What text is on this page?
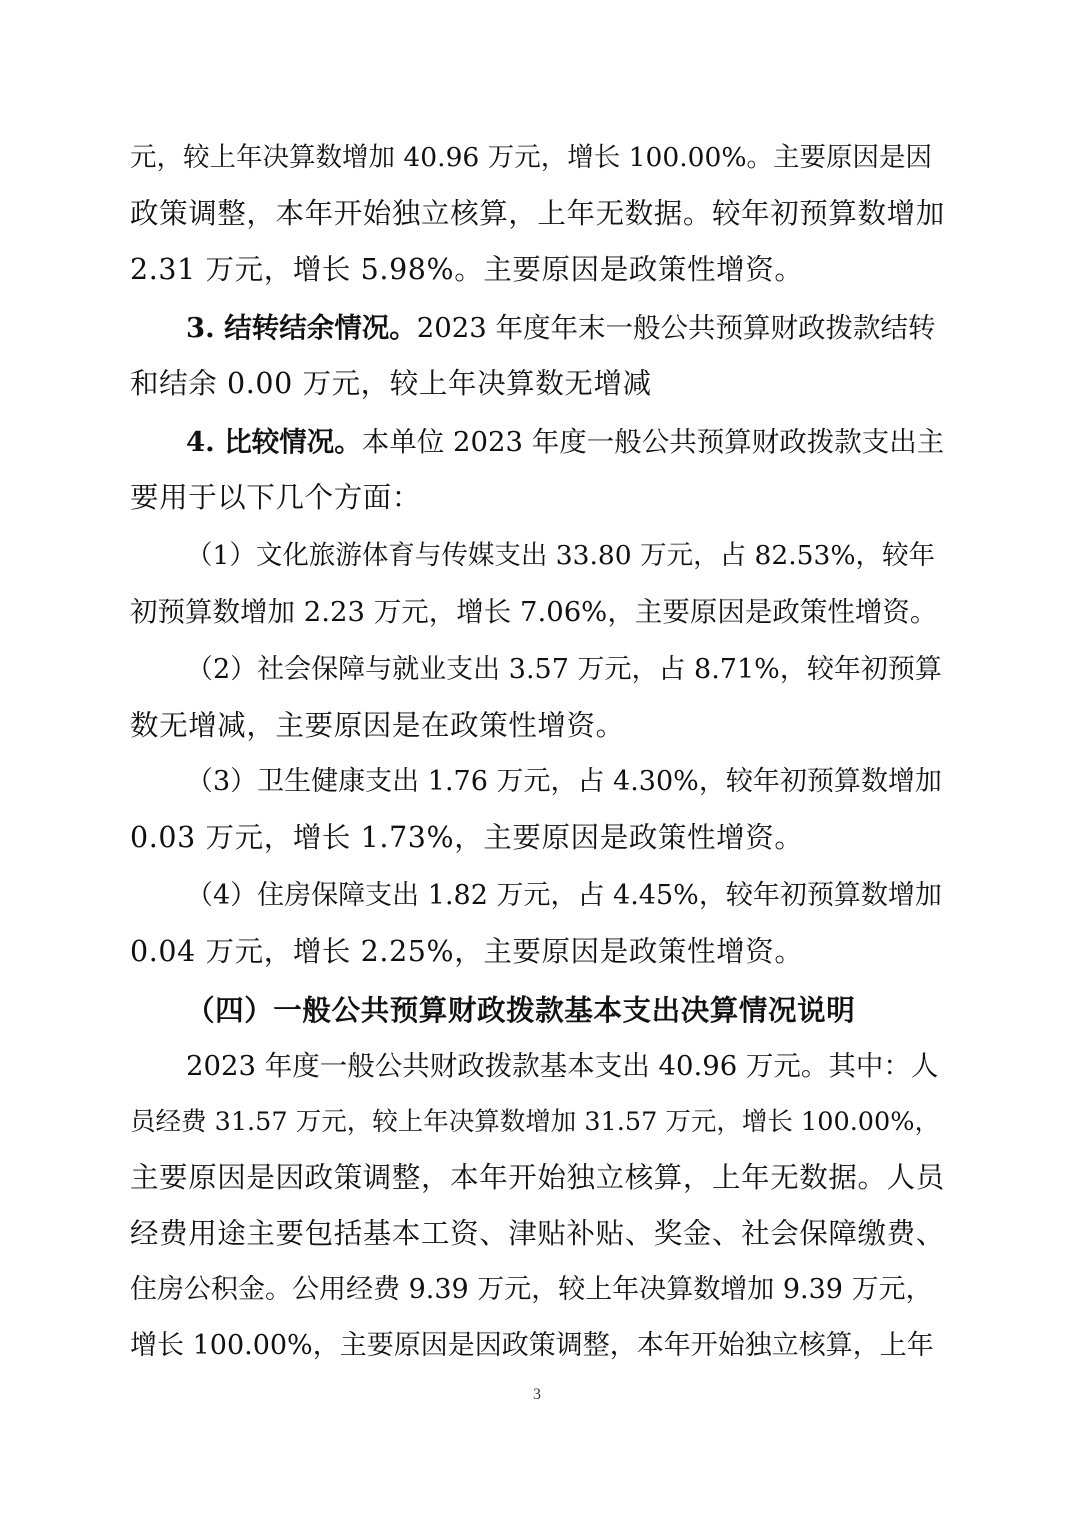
元，较上年决算数增加 40.96 万元，增长 100.00%。主要原因是因
政策调整，本年开始独立核算，上年无数据。较年初预算数增加
2.31 万元，增长 5.98%。主要原因是政策性增资。
3. 结转结余情况。2023 年度年末一般公共预算财政拨款结转
和结余 0.00 万元，较上年决算数无增减
4. 比较情况。本单位 2023 年度一般公共预算财政拨款支出主
要用于以下几个方面：
（1）文化旅游体育与传媒支出 33.80 万元，占 82.53%，较年
初预算数增加 2.23 万元，增长 7.06%，主要原因是政策性增资。
（2）社会保障与就业支出 3.57 万元，占 8.71%，较年初预算
数无增减，主要原因是在政策性增资。
（3）卫生健康支出 1.76 万元，占 4.30%，较年初预算数增加
0.03 万元，增长 1.73%，主要原因是政策性增资。
（4）住房保障支出 1.82 万元，占 4.45%，较年初预算数增加
0.04 万元，增长 2.25%，主要原因是政策性增资。
（四）一般公共预算财政拨款基本支出决算情况说明
2023 年度一般公共财政拨款基本支出 40.96 万元。其中：人
员经费 31.57 万元，较上年决算数增加 31.57 万元，增长 100.00%，
主要原因是因政策调整，本年开始独立核算，上年无数据。人员
经费用途主要包括基本工资、津贴补贴、奖金、社会保障缴费、
住房公积金。公用经费 9.39 万元，较上年决算数增加 9.39 万元，
增长 100.00%，主要原因是因政策调整，本年开始独立核算，上年
3
